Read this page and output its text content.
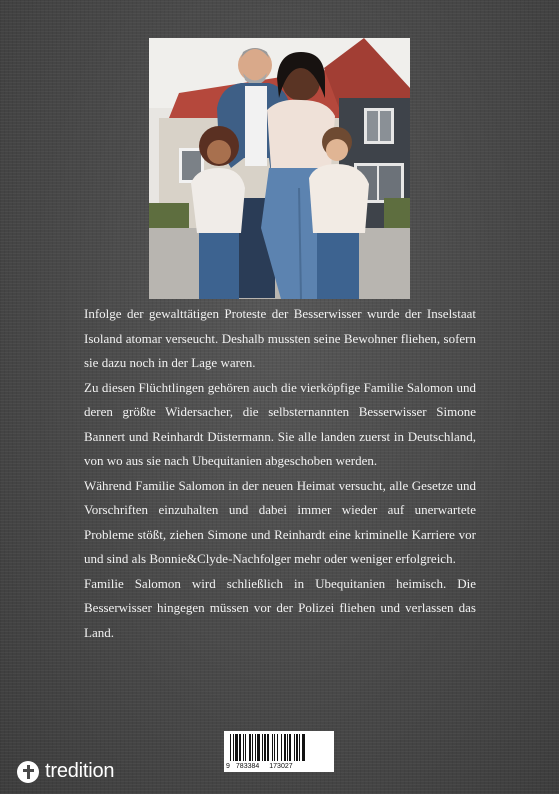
Infolge der gewalttätigen Proteste der Besserwisser wurde der Inselstaat Isoland atomar verseucht. Deshalb mussten seine Bewohner fliehen, sofern sie dazu noch in der Lage waren.

Zu diesen Flüchtlingen gehören auch die vierköpfige Familie Salomon und deren größte Widersacher, die selbsternannten Besserwisser Simone Bannert und Reinhardt Düstermann. Sie alle landen zuerst in Deutschland, von wo aus sie nach Ubequitanien abgeschoben werden.

Während Familie Salomon in der neuen Heimat versucht, alle Gesetze und Vorschriften einzuhalten und dabei immer wieder auf unerwartete Probleme stößt, ziehen Simone und Reinhardt eine kriminelle Karriere vor und sind als Bonnie&Clyde-Nachfolger mehr oder weniger erfolgreich.

Familie Salomon wird schließlich in Ubequitanien heimisch. Die Besserwisser hingegen müssen vor der Polizei fliehen und verlassen das Land.

9 783384 173027
tredition
